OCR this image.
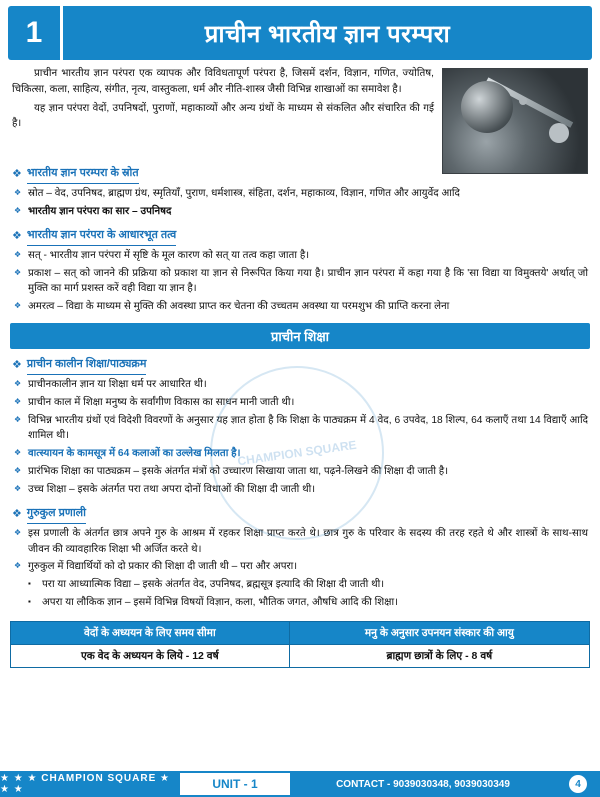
1	प्राचीन भारतीय ज्ञान परम्परा

प्राचीन भारतीय ज्ञान परंपरा एक व्यापक और विविधतापूर्ण परंपरा है, जिसमें दर्शन, विज्ञान, गणित, ज्योतिष, चिकित्सा, कला, साहित्य, संगीत, नृत्य, वास्तुकला, धर्म और नीति-शास्त्र जैसी विभिन्न शाखाओं का समावेश है।

यह ज्ञान परंपरा वेदों, उपनिषदों, पुराणों, महाकाव्यों और अन्य ग्रंथों के माध्यम से संकलित और संचारित की गई है।

❖ भारतीय ज्ञान परम्परा के स्रोत
❖ स्रोत – वेद, उपनिषद, ब्राह्मण ग्रंथ, स्मृतियाँ, पुराण, धर्मशास्त्र, संहिता, दर्शन, महाकाव्य, विज्ञान, गणित और आयुर्वेद आदि
❖ भारतीय ज्ञान परंपरा का सार – उपनिषद
❖ भारतीय ज्ञान परंपरा के आधारभूत तत्व
❖ सत् - भारतीय ज्ञान परंपरा में सृष्टि के मूल कारण को सत् या तत्व कहा जाता है।
❖ प्रकाश – सत् को जानने की प्रक्रिया को प्रकाश या ज्ञान से निरूपित किया गया है। प्राचीन ज्ञान परंपरा में कहा गया है कि 'सा विद्या या विमुक्तये' अर्थात् जो मुक्ति का मार्ग प्रशस्त करें वही विद्या या ज्ञान है।
❖ अमरत्व – विद्या के माध्यम से मुक्ति की अवस्था प्राप्त कर चेतना की उच्चतम अवस्था या परमशुभ की प्राप्ति करना लेना
प्राचीन शिक्षा
❖ प्राचीन कालीन शिक्षा/पाठ्यक्रम
❖ प्राचीनकालीन ज्ञान या शिक्षा धर्म पर आधारित थी।
❖ प्राचीन काल में शिक्षा मनुष्य के सर्वांगीण विकास का साधन मानी जाती थी।
❖ विभिन्न भारतीय ग्रंथों एवं विदेशी विवरणों के अनुसार यह ज्ञात होता है कि शिक्षा के पाठ्यक्रम में 4 वेद, 6 उपवेद, 18 शिल्प, 64 कलाएँ तथा 14 विद्याएँ आदि शामिल थी।
❖ वात्स्यायन के कामसूत्र में 64 कलाओं का उल्लेख मिलता है।
❖ प्रारंभिक शिक्षा का पाठ्यक्रम – इसके अंतर्गत मंत्रों को उच्चारण सिखाया जाता था, पढ़ने-लिखने की शिक्षा दी जाती है।
❖ उच्च शिक्षा – इसके अंतर्गत परा तथा अपरा दोनों विधाओं की शिक्षा दी जाती थी।
❖ गुरुकुल प्रणाली
❖ इस प्रणाली के अंतर्गत छात्र अपने गुरु के आश्रम में रहकर शिक्षा प्राप्त करते थे। छात्र गुरु के परिवार के सदस्य की तरह रहते थे और शास्त्रों के साथ-साथ जीवन की व्यावहारिक शिक्षा भी अर्जित करते थे।
❖ गुरुकुल में विद्यार्थियों को दो प्रकार की शिक्षा दी जाती थी – परा और अपरा।
▪ परा या आध्यात्मिक विद्या – इसके अंतर्गत वेद, उपनिषद, ब्रह्मसूत्र इत्यादि की शिक्षा दी जाती थी।
▪ अपरा या लौकिक ज्ञान – इसमें विभिन्न विषयों विज्ञान, कला, भौतिक जगत, औषधि आदि की शिक्षा।
वेदों के अध्ययन के लिए समय सीमा	मनु के अनुसार उपनयन संस्कार की आयु
एक वेद के अध्ययन के लिये - 12 वर्ष	ब्राह्मण छात्रों के लिए - 8 वर्ष
CHAMPION SQUARE
★ ★ ★ CHAMPION SQUARE ★ ★ ★	UNIT - 1	CONTACT - 9039030348, 9039030349	4
